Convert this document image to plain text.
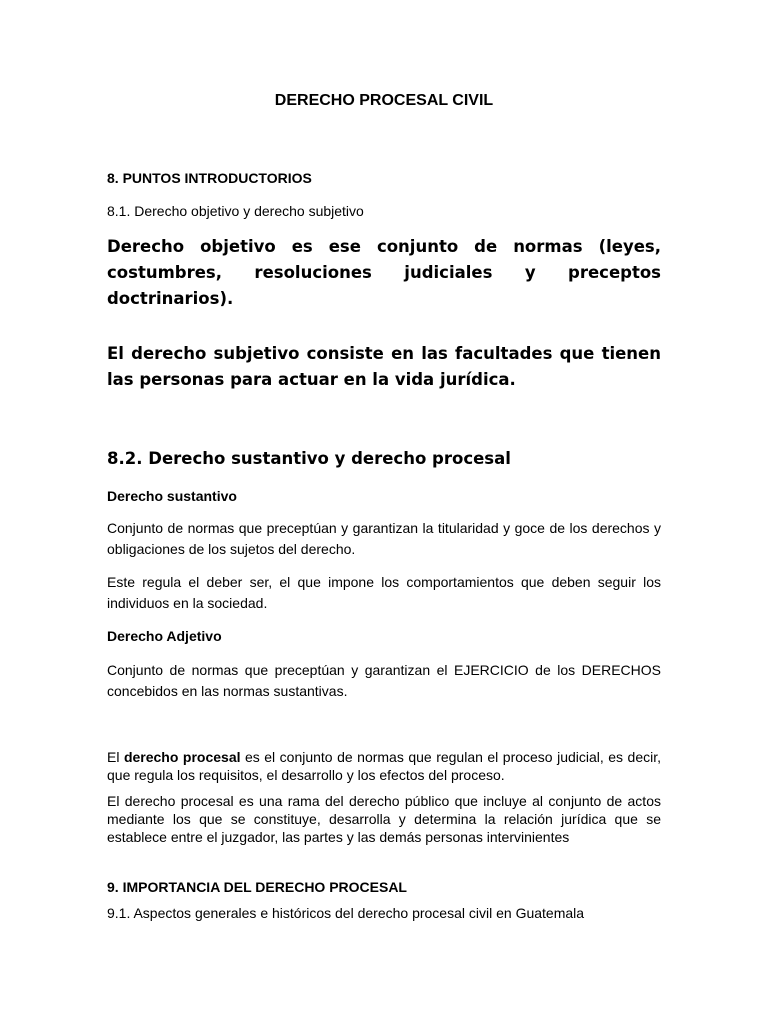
DERECHO PROCESAL CIVIL

8. PUNTOS INTRODUCTORIOS

8.1. Derecho objetivo y derecho subjetivo

Derecho objetivo es ese conjunto de normas (leyes, costumbres, resoluciones judiciales y preceptos doctrinarios).

El derecho subjetivo consiste en las facultades que tienen las personas para actuar en la vida jurídica.

8.2. Derecho sustantivo y derecho procesal

Derecho sustantivo

Conjunto de normas que preceptúan y garantizan la titularidad y goce de los derechos y obligaciones de los sujetos del derecho.

Este regula el deber ser, el que impone los comportamientos que deben seguir los individuos en la sociedad.

Derecho Adjetivo

Conjunto de normas que preceptúan y garantizan el EJERCICIO de los DERECHOS concebidos en las normas sustantivas.

El derecho procesal es el conjunto de normas que regulan el proceso judicial, es decir, que regula los requisitos, el desarrollo y los efectos del proceso.

El derecho procesal es una rama del derecho público que incluye al conjunto de actos mediante los que se constituye, desarrolla y determina la relación jurídica que se establece entre el juzgador, las partes y las demás personas intervinientes

9. IMPORTANCIA DEL DERECHO PROCESAL

9.1. Aspectos generales e históricos del derecho procesal civil en Guatemala
